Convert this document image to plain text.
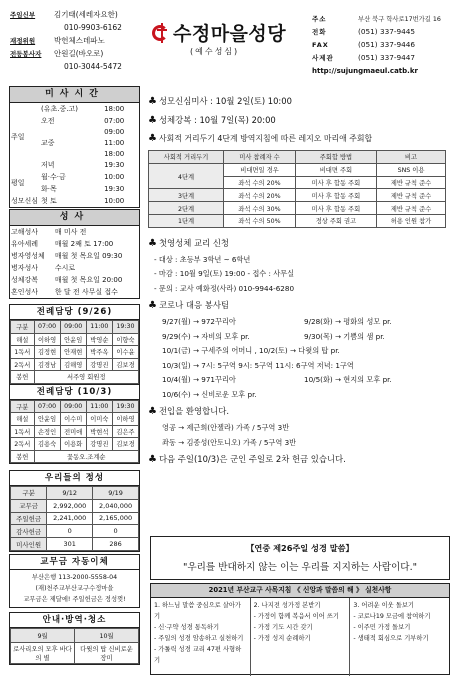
주임신부	김기태(세레자요한)
010-9903-6162
재정위원	박헌체스데파노
전등봉사자	안원길(바오로)
010-3044-5472
수정마을성당
(예수성심)
주소	부산 북구 학사로17번가길 16
전화	(051) 337-9445
FAX	(051) 337-9446
사제관	(051) 337-9447
http://sujungmaeul.catb.kr
미사시간
주일	(유초.중.고)	18:00
	오전	07:00
		09:00
	교중	11:00
		18:00
	저녁	19:30
평일	월·수·금	10:00
	화·목	19:30
성모신심	첫 토	10:00
성사
고해성사	매 미사 전
유아세례	매월 2째 토 17:00
병자영성체	매월 첫 목요일 09:30
병자성사	수시로
성체강복	매월 첫 목요일 20:00
혼인성사	한 달 전 사무실 접수
전례담당 (9/26)
구분	07:00	09:00	11:00	19:30
해설	이하영	안윤임	박영순	이향숙
1독서	김정현	안재현	박주옥	이수윤
2독서	김경남	김해영	강명진	김보경
봉헌	서주영 회원정			
전례담당 (10/3)
구분	07:00	09:00	11:00	19:30
해설	안윤임	이수미	이미숙	이하영
1독서	손정인	전미애	박현석	김은주
2독서	김용숙	이용화	강명진	김보경
봉헌	꽃동오.조계순			
우리들의 정성
구분	9/12	9/19
교무금	2,992,000	2,040,000
주일헌금	2,241,000	2,165,000
감사헌금	0	0
미사인원	301	286
교무금 자동이체
부산은행 113-2000-5558-04
(재)천주교부산교구수정마을
교무금은 제달에! 주일헌금은 정성껏!
안내·방역·청소
9월	10월
로사리오의 모후 바다의 별	다윗의 탑 신비로운 장미
♣ 성모신심미사 : 10월 2일(토) 10:00
♣ 성체강복 : 10월 7일(목) 20:00
♣ 사회적 거리두기 4단계 방역지침에 따른 레지오 마리애 주회합
사회적 거리두기	미사 참례자 수	주회합 방법	비고
4단계	비대면일 경우	비대면 주회	SNS 이용
	좌석 수의 20%	미사 후 합동 주회	제반 규칙 준수
3단계	좌석 수의 20%	미사 후 합동 주회	제반 규칙 준수
2단계	좌석 수의 30%	미사 후 합동 주회	제반 규칙 준수
1단계	좌석 수의 50%	정상 주회 권고	허용 인원 참가
♣ 첫영성체 교리 신청
- 대상 : 초등부 3학년 ~ 6학년
- 마감 : 10월 9일(토) 19:00 - 접수 : 사무실
- 문의 : 교사 예화정(사라) 010-9944-6280
♣ 코로나 대응 봉사팀
9/27(월) → 972꾸리아	9/28(화) → 평화의 성모 pr.
9/29(수) → 자비의 모후 pr.	9/30(목) → 기쁨의 샘 pr.
10/1(금) → 구세주의 어머니 , 10/2(토) → 다윗의 탑 pr.
10/3(일) → 7시: 5구역 9시: 5구역 11시: 6구역 저녁: 1구역
10/4(월) → 971꾸리아	10/5(화) → 현지의 모후 pr.
10/6(수) → 신비로운 모후 pr.
♣ 전입을 환영합니다.
영공 → 제근희(안젤라) 가족 / 5구역 3반
좌동 → 김종성(안토니오) 가족 / 5구역 3반
♣ 다음 주일(10/3)은 군인 주일로 2차 헌금 있습니다.
【연중 제26주일 성경 말씀】
"우리를 반대하지 않는 이는 우리를 지지하는 사람이다."
2021년 부산교구 사목지침 《 신앙과 말씀의 해 》 실천사항
1. 하느님 말씀 중심으로 살아가기
- 신·구약 성경 통독하기
- 주일의 성경 암송하고 실천하기
- 가톨릭 성경 교리 47편 사형하기
2. 나지전 성가정 본받기
- 가정이 함께 복음서 이어 쓰기
- 가정 기도 시간 갖기
- 가정 성지 순례하기
3. 어려운 이웃 돌보기
- 코로나19 모금에 참여하기
- 이주민 가정 돌보기
- 생태적 회심으로 기부하기
